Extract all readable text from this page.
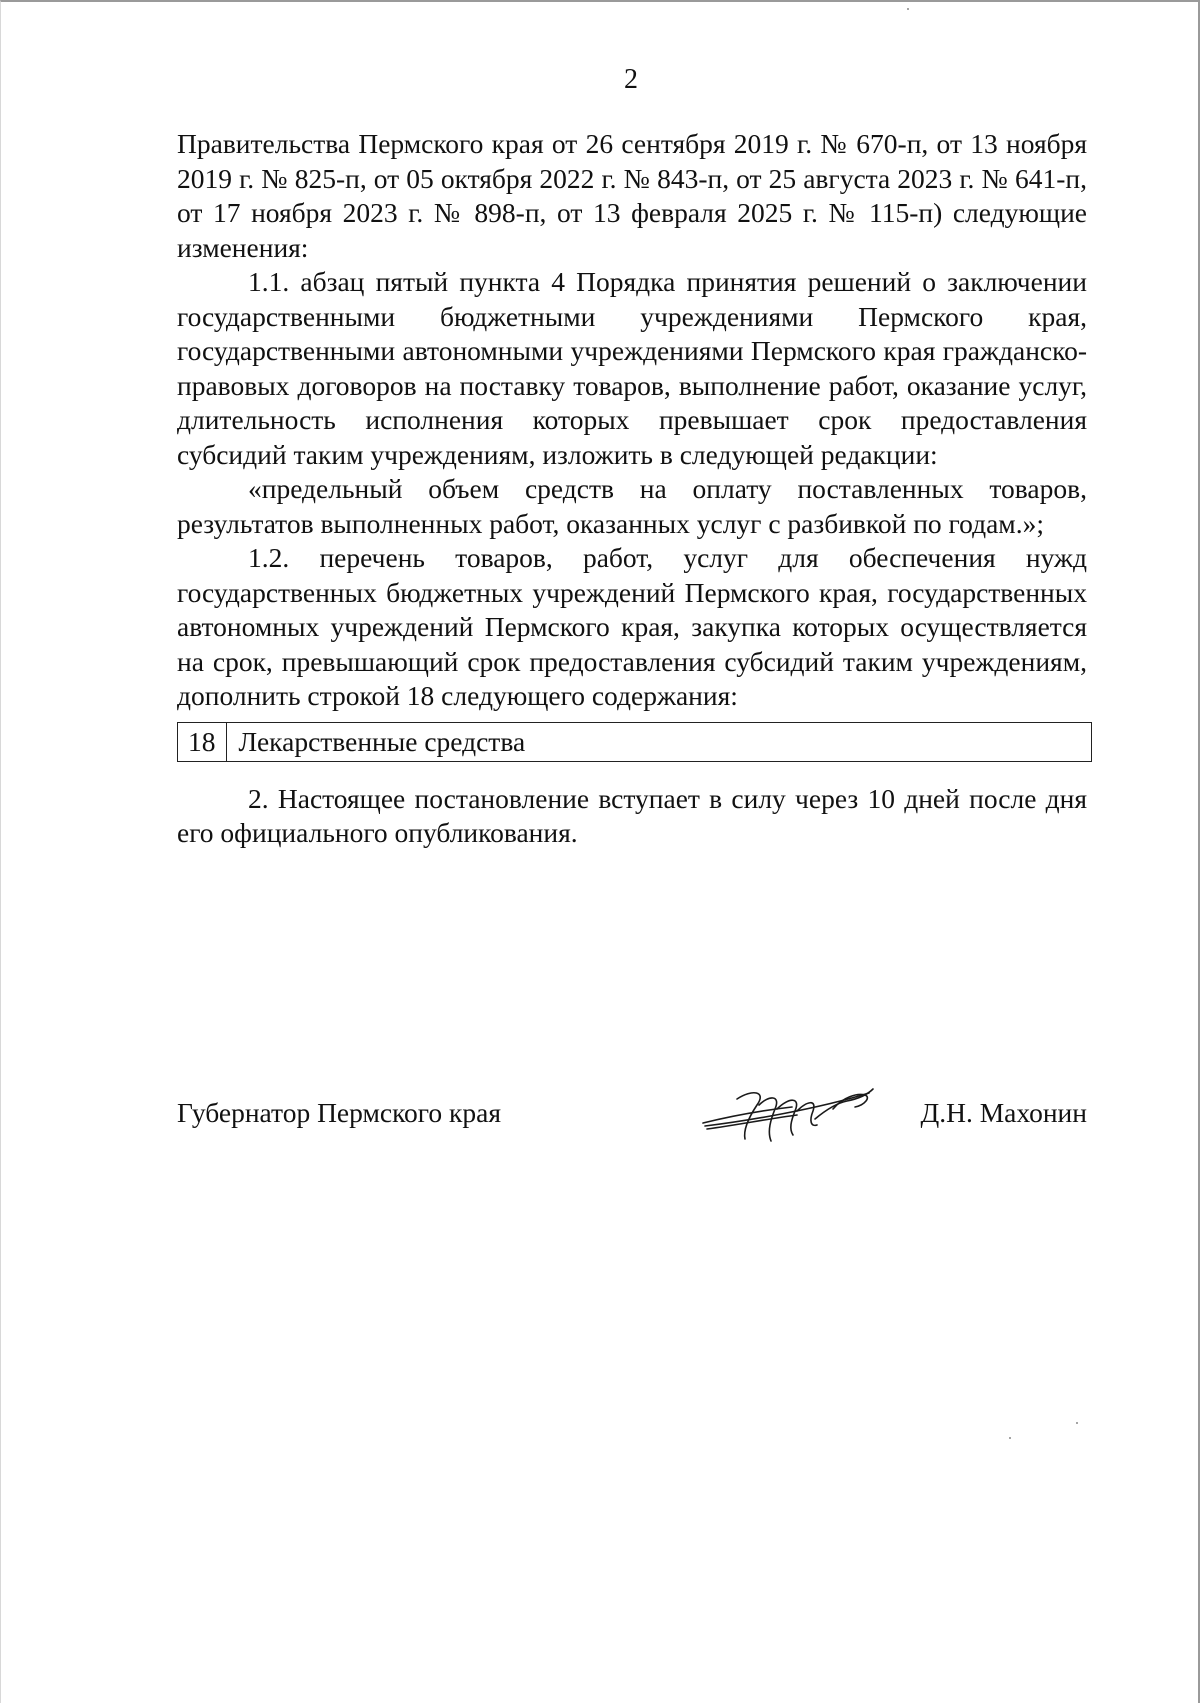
2

Правительства Пермского края от 26 сентября 2019 г. № 670-п, от 13 ноября 2019 г. № 825-п, от 05 октября 2022 г. № 843-п, от 25 августа 2023 г. № 641-п, от 17 ноября 2023 г. № 898-п, от 13 февраля 2025 г. № 115-п) следующие изменения:

1.1. абзац пятый пункта 4 Порядка принятия решений о заключении государственными бюджетными учреждениями Пермского края, государственными автономными учреждениями Пермского края гражданско-правовых договоров на поставку товаров, выполнение работ, оказание услуг, длительность исполнения которых превышает срок предоставления субсидий таким учреждениям, изложить в следующей редакции:

«предельный объем средств на оплату поставленных товаров, результатов выполненных работ, оказанных услуг с разбивкой по годам.»;

1.2. перечень товаров, работ, услуг для обеспечения нужд государственных бюджетных учреждений Пермского края, государственных автономных учреждений Пермского края, закупка которых осуществляется на срок, превышающий срок предоставления субсидий таким учреждениям, дополнить строкой 18 следующего содержания:

18	Лекарственные средства

2. Настоящее постановление вступает в силу через 10 дней после дня его официального опубликования.

Губернатор Пермского края	Д.Н. Махонин
